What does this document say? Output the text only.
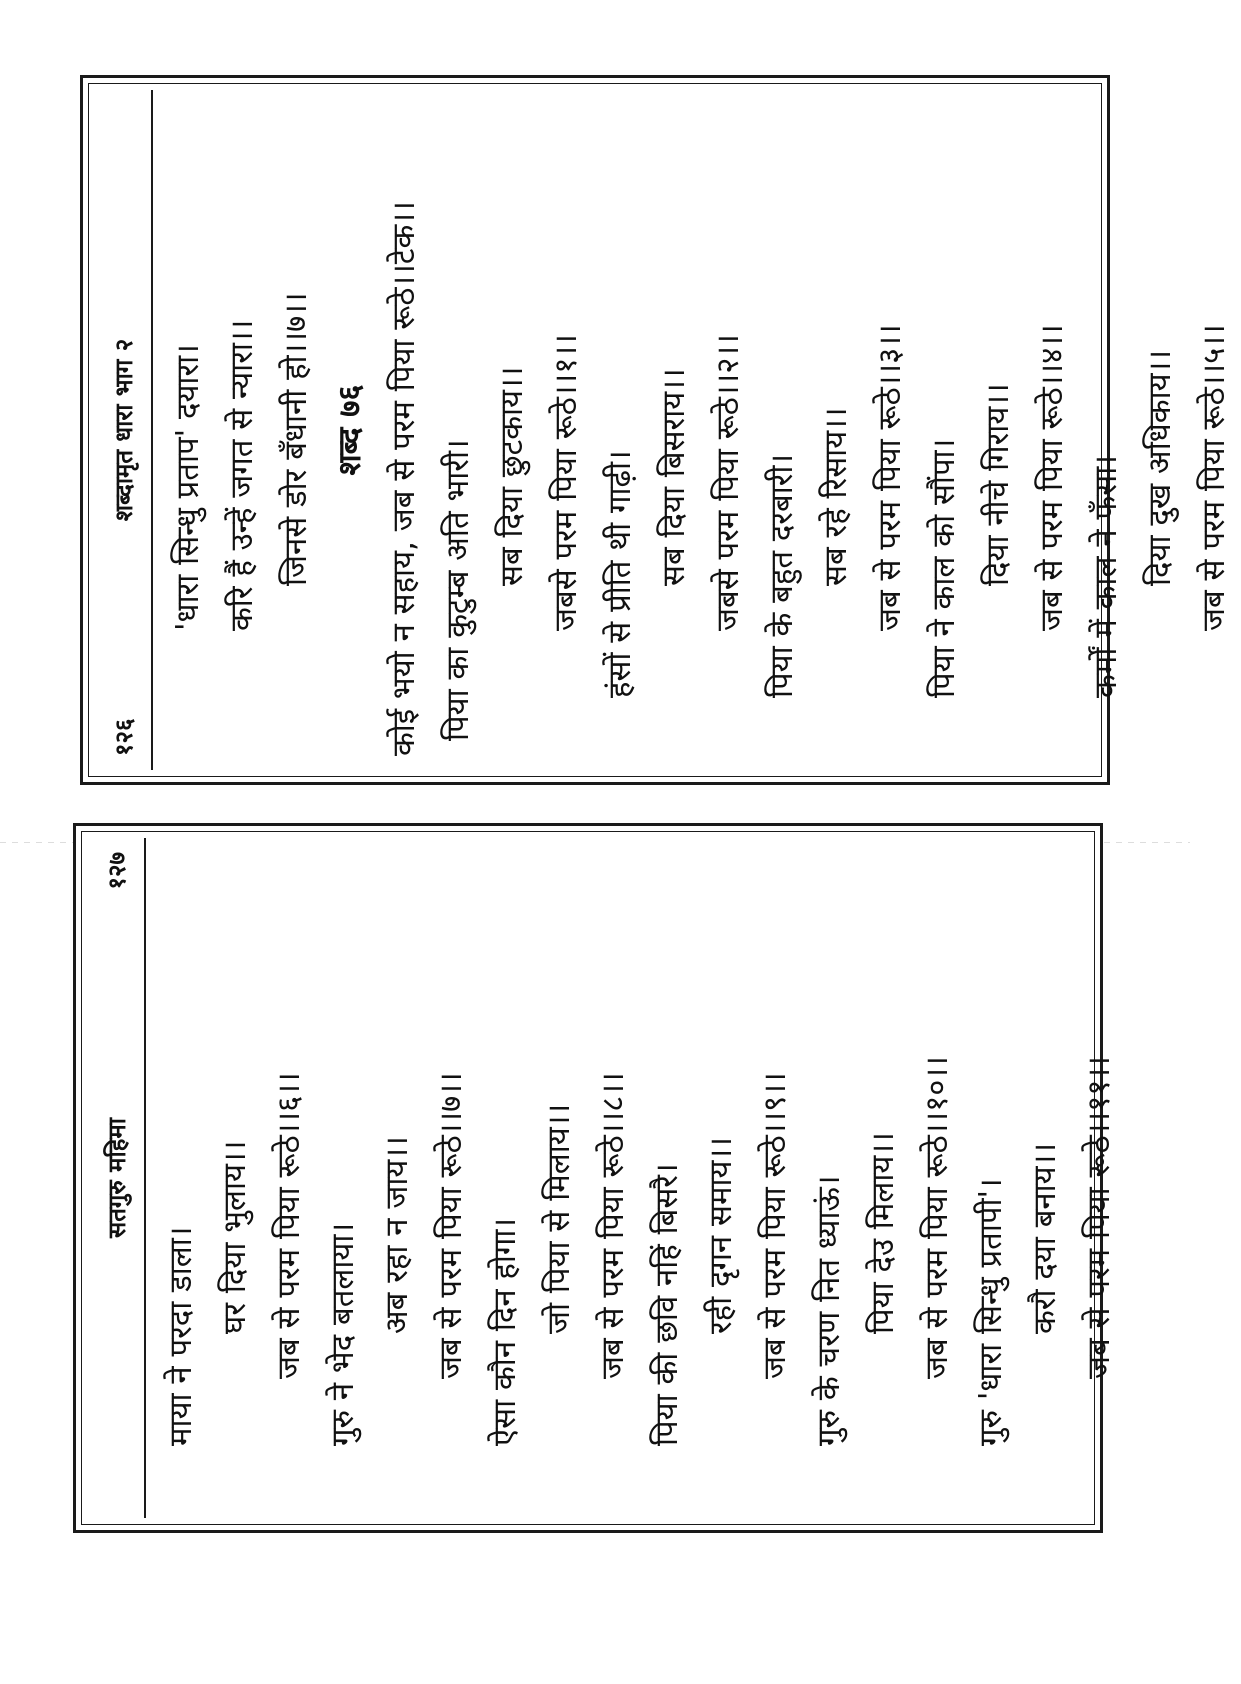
१२६
शब्दामृत धारा भाग २ 'धारा सिन्धु प्रताप' दयारा। करि हैं उन्हें जगत से न्यारा।। जिनसे डोर बँधानी हो।।७।। शब्द ७६ कोई भयो न सहाय, जब से परम पिया रूठे।।टेक।। पिया का कुटुम्ब अति भारी। सब दिया छुटकाय।। जबसे परम पिया रूठे।।१।। हंसों से प्रीति थी गाढ़ी। सब दिया बिसराय।। जबसे परम पिया रूठे।।२।। पिया के बहुत दरबारी। सब रहे रिसाय।। जब से परम पिया रूठे।।३।। पिया ने काल को सौंपा। दिया नीचे गिराय।। जब से परम पिया रूठे।।४।। कर्मों में काल ने फँसा। दिया दुख अधिकाय।। जब से परम पिया रूठे।।५।।
सतगुरु महिमा
१२७
माया ने परदा डाला। घर दिया भुलाय।। जब से परम पिया रूठे।।६।। गुरु ने भेद बतलाया। अब रहा न जाय।। जब से परम पिया रूठे।।७।। ऐसा कौन दिन होगा। जो पिया से मिलाय।। जब से परम पिया रूठे।।८।। पिया की छवि नहिं बिसरै। रही दृगन समाय।। जब से परम पिया रूठे।।९।। गुरु के चरण नित ध्याऊं। पिया देउ मिलाय।। जब से परम पिया रूठे।।१०।। गुरु 'धारा सिन्धु प्रतापी'। करौ दया बनाय।। जब से परम पिया रूठे।।११।।
